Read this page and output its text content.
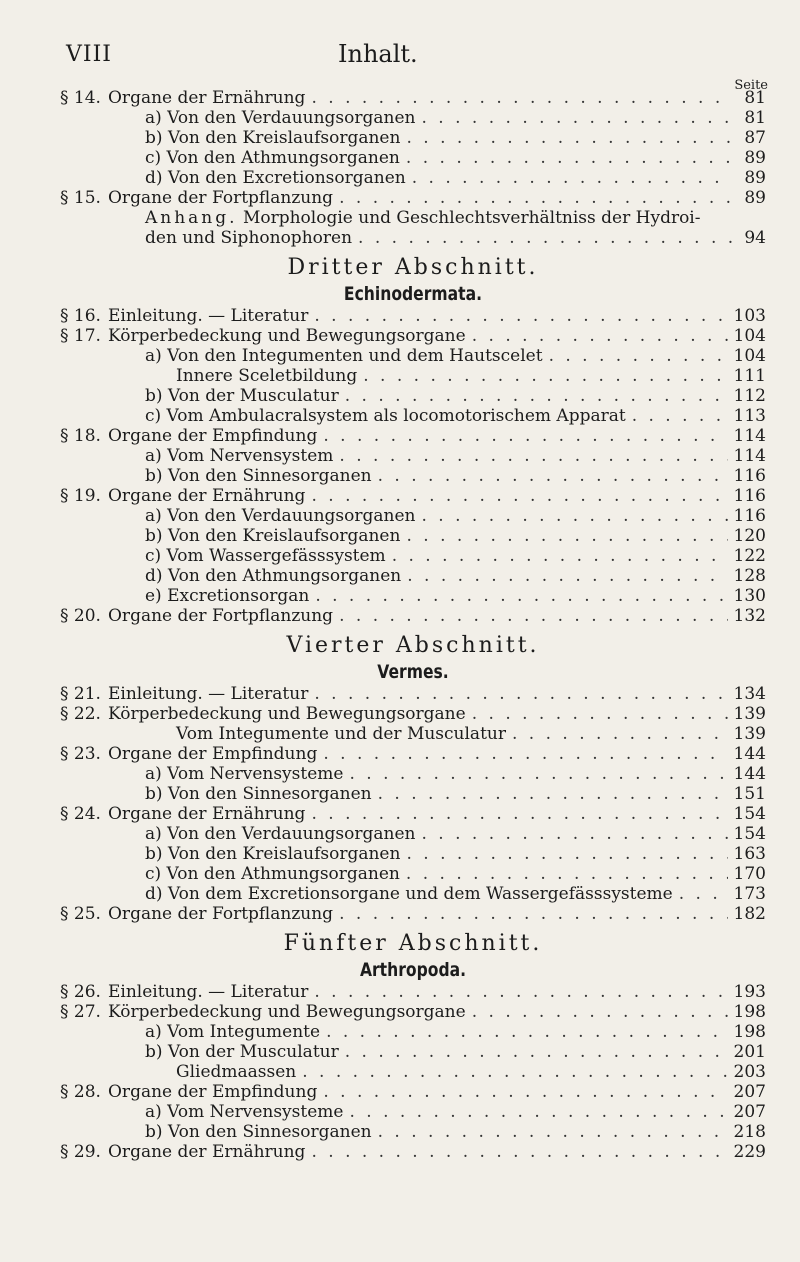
VIII	Inhalt.
Seite
§ 14. Organe der Ernährung . . .	81
a) Von den Verdauungsorganen . . .	81
b) Von den Kreislaufsorganen . . .	87
c) Von den Athmungsorganen . . .	89
d) Von den Excretionsorganen . . .	89
§ 15. Organe der Fortpflanzung . . .	89
Anhang. Morphologie und Geschlechtsverhältniss der Hydroi-
den und Siphonophoren . . .	94
Dritter Abschnitt.
Echinodermata.
§ 16. Einleitung. — Literatur . . .	103
§ 17. Körperbedeckung und Bewegungsorgane . . .	104
a) Von den Integumenten und dem Hautscelet . . .	104
Innere Sceletbildung . . .	111
b) Von der Musculatur . . .	112
c) Vom Ambulacralsystem als locomotorischem Apparat . . .	113
§ 18. Organe der Empfindung . . .	114
a) Vom Nervensystem . . .	114
b) Von den Sinnesorganen . . .	116
§ 19. Organe der Ernährung . . .	116
a) Von den Verdauungsorganen . . .	116
b) Von den Kreislaufsorganen . . .	120
c) Vom Wassergefässsystem . . .	122
d) Von den Athmungsorganen . . .	128
e) Excretionsorgan . . .	130
§ 20. Organe der Fortpflanzung . . .	132
Vierter Abschnitt.
Vermes.
§ 21. Einleitung. — Literatur . . .	134
§ 22. Körperbedeckung und Bewegungsorgane . . .	139
Vom Integumente und der Musculatur . . .	139
§ 23. Organe der Empfindung . . .	144
a) Vom Nervensysteme . . .	144
b) Von den Sinnesorganen . . .	151
§ 24. Organe der Ernährung . . .	154
a) Von den Verdauungsorganen . . .	154
b) Von den Kreislaufsorganen . . .	163
c) Von den Athmungsorganen . . .	170
d) Von dem Excretionsorgane und dem Wassergefässsysteme . . .	173
§ 25. Organe der Fortpflanzung . . .	182
Fünfter Abschnitt.
Arthropoda.
§ 26. Einleitung. — Literatur . . .	193
§ 27. Körperbedeckung und Bewegungsorgane . . .	198
a) Vom Integumente . . .	198
b) Von der Musculatur . . .	201
Gliedmaassen . . .	203
§ 28. Organe der Empfindung . . .	207
a) Vom Nervensysteme . . .	207
b) Von den Sinnesorganen . . .	218
§ 29. Organe der Ernährung . . .	229
